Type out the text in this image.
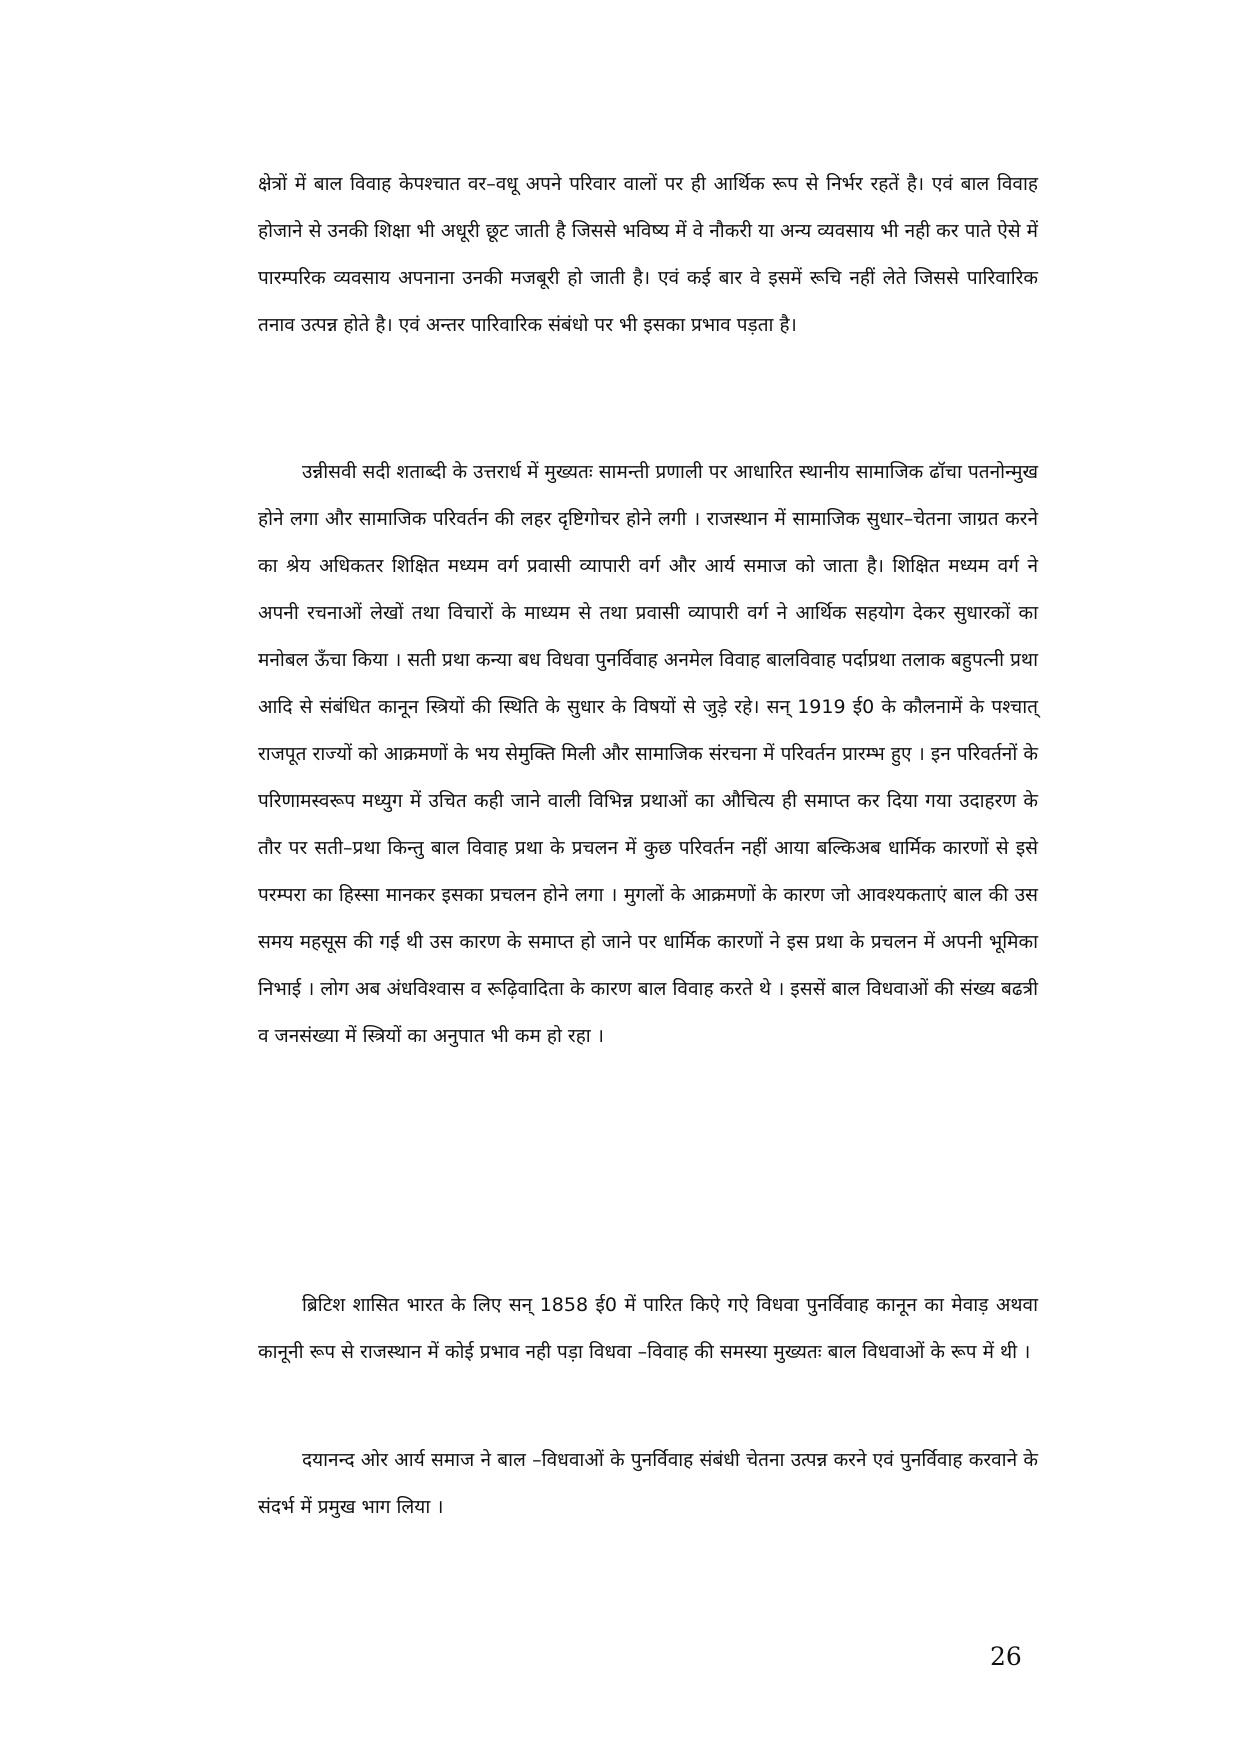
क्षेत्रों में बाल विवाह केपश्चात वर–वधू अपने परिवार वालों पर ही आर्थिक रूप से निर्भर रहतें है। एवं बाल विवाह होजाने से उनकी शिक्षा भी अधूरी छूट जाती है जिससे भविष्य में वे नौकरी या अन्य व्यवसाय भी नही कर पाते ऐसे में पारम्परिक व्यवसाय अपनाना उनकी मजबूरी हो जाती है। एवं कई बार वे इसमें रूचि नहीं लेते जिससे पारिवारिक तनाव उत्पन्न होते है। एवं अन्तर पारिवारिक संबंधो पर भी इसका प्रभाव पड़ता है।

उन्नीसवी सदी शताब्दी के उत्तरार्ध में मुख्यतः सामन्ती प्रणाली पर आधारित स्थानीय सामाजिक ढॉचा पतनोन्मुख होने लगा और सामाजिक परिवर्तन की लहर दृष्टिगोचर होने लगी । राजस्थान में सामाजिक सुधार–चेतना जाग्रत करने का श्रेय अधिकतर शिक्षित मध्यम वर्ग प्रवासी व्यापारी वर्ग और आर्य समाज को जाता है। शिक्षित मध्यम वर्ग ने अपनी रचनाओं लेखों तथा विचारों के माध्यम से तथा प्रवासी व्यापारी वर्ग ने आर्थिक सहयोग देकर सुधारकों का मनोबल ऊँचा किया । सती प्रथा कन्या बध विधवा पुनर्विवाह अनमेल विवाह बालविवाह पर्दाप्रथा तलाक बहुपत्नी प्रथा आदि से संबंधित कानून स्त्रियों की स्थिति के सुधार के विषयों से जुड़े रहे। सन् 1919 ई0 के कौलनामें के पश्चात् राजपूत राज्यों को आक्रमणों के भय सेमुक्ति मिली और सामाजिक संरचना में परिवर्तन प्रारम्भ हुए । इन परिवर्तनों के परिणामस्वरूप मध्युग में उचित कही जाने वाली विभिन्न प्रथाओं का औचित्य ही समाप्त कर दिया गया उदाहरण के तौर पर सती–प्रथा किन्तु बाल विवाह प्रथा के प्रचलन में कुछ परिवर्तन नहीं आया बल्किअब धार्मिक कारणों से इसे परम्परा का हिस्सा मानकर इसका प्रचलन होने लगा । मुगलों के आक्रमणों के कारण जो आवश्यकताएं बाल की उस समय महसूस की गई थी उस कारण के समाप्त हो जाने पर धार्मिक कारणों ने इस प्रथा के प्रचलन में अपनी भूमिका निभाई । लोग अब अंधविश्वास व रूढ़िवादिता के कारण बाल विवाह करते थे । इससें बाल विधवाओं की संख्य बढत्री व जनसंख्या में स्त्रियों का अनुपात भी कम हो रहा ।

ब्रिटिश शासित भारत के लिए सन् 1858 ई0 में पारित किऐ गऐ विधवा पुनर्विवाह कानून का मेवाड़ अथवा कानूनी रूप से राजस्थान में कोई प्रभाव नही पड़ा विधवा –विवाह की समस्या मुख्यतः बाल विधवाओं के रूप में थी ।

दयानन्द ओर आर्य समाज ने बाल –विधवाओं के पुनर्विवाह संबंधी चेतना उत्पन्न करने एवं पुनर्विवाह करवाने के संदर्भ में प्रमुख भाग लिया ।

26
